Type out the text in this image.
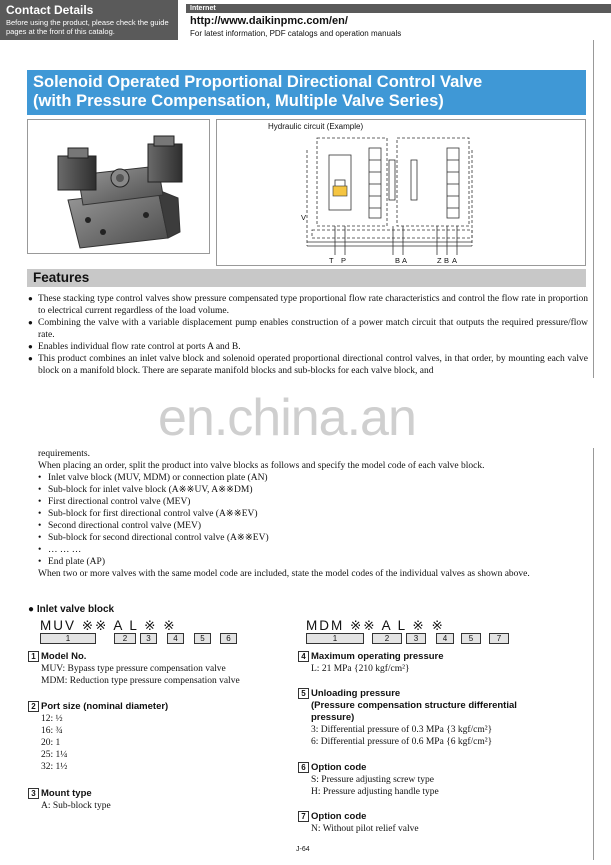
Contact Details
Before using the product, please check the guide pages at the front of this catalog.
Internet
http://www.daikinpmc.com/en/
For latest information, PDF catalogs and operation manuals
Solenoid Operated Proportional Directional Control Valve
(with Pressure Compensation, Multiple Valve Series)
T P	B A	Z B A
V
Hydraulic circuit (Example)
Features
● These stacking type control valves show pressure compensated type proportional flow rate characteristics and control the flow rate in proportion to electrical current regardless of the load volume.
● Combining the valve with a variable displacement pump enables construction of a power match circuit that outputs the required pressure/flow rate.
● Enables individual flow rate control at ports A and B.
● This product combines an inlet valve block and solenoid operated proportional directional control valves, in that order, by mounting each valve block on a manifold block. There are separate manifold blocks and sub-blocks for each valve block, and
en.china.an
requirements.
When placing an order, split the product into valve blocks as follows and specify the model code of each valve block.
• Inlet valve block (MUV, MDM) or connection plate (AN)
• Sub-block for inlet valve block (A※※UV, A※※DM)
• First directional control valve (MEV)
• Sub-block for first directional control valve (A※※EV)
• Second directional control valve (MEV)
• Sub-block for second directional control valve (A※※EV)
• … … …
• End plate (AP)
When two or more valves with the same model code are included, state the model codes of the individual valves as shown above.
● Inlet valve block
MUV ※※ A L ※ ※
1	2	3	4	5	6
MDM ※※ A L ※ ※
1	2	3	4	5	7
1 Model No.
MUV: Bypass type pressure compensation valve
MDM: Reduction type pressure compensation valve
2 Port size (nominal diameter)
12: ½
16: ¾
20: 1
25: 1¼
32: 1½
3 Mount type
A: Sub-block type
4 Maximum operating pressure
L: 21 MPa {210 kgf/cm²}
5 Unloading pressure
(Pressure compensation structure differential
pressure)
3: Differential pressure of 0.3 MPa {3 kgf/cm²}
6: Differential pressure of 0.6 MPa {6 kgf/cm²}
6 Option code
S: Pressure adjusting screw type
H: Pressure adjusting handle type
7 Option code
N: Without pilot relief valve
J-64
